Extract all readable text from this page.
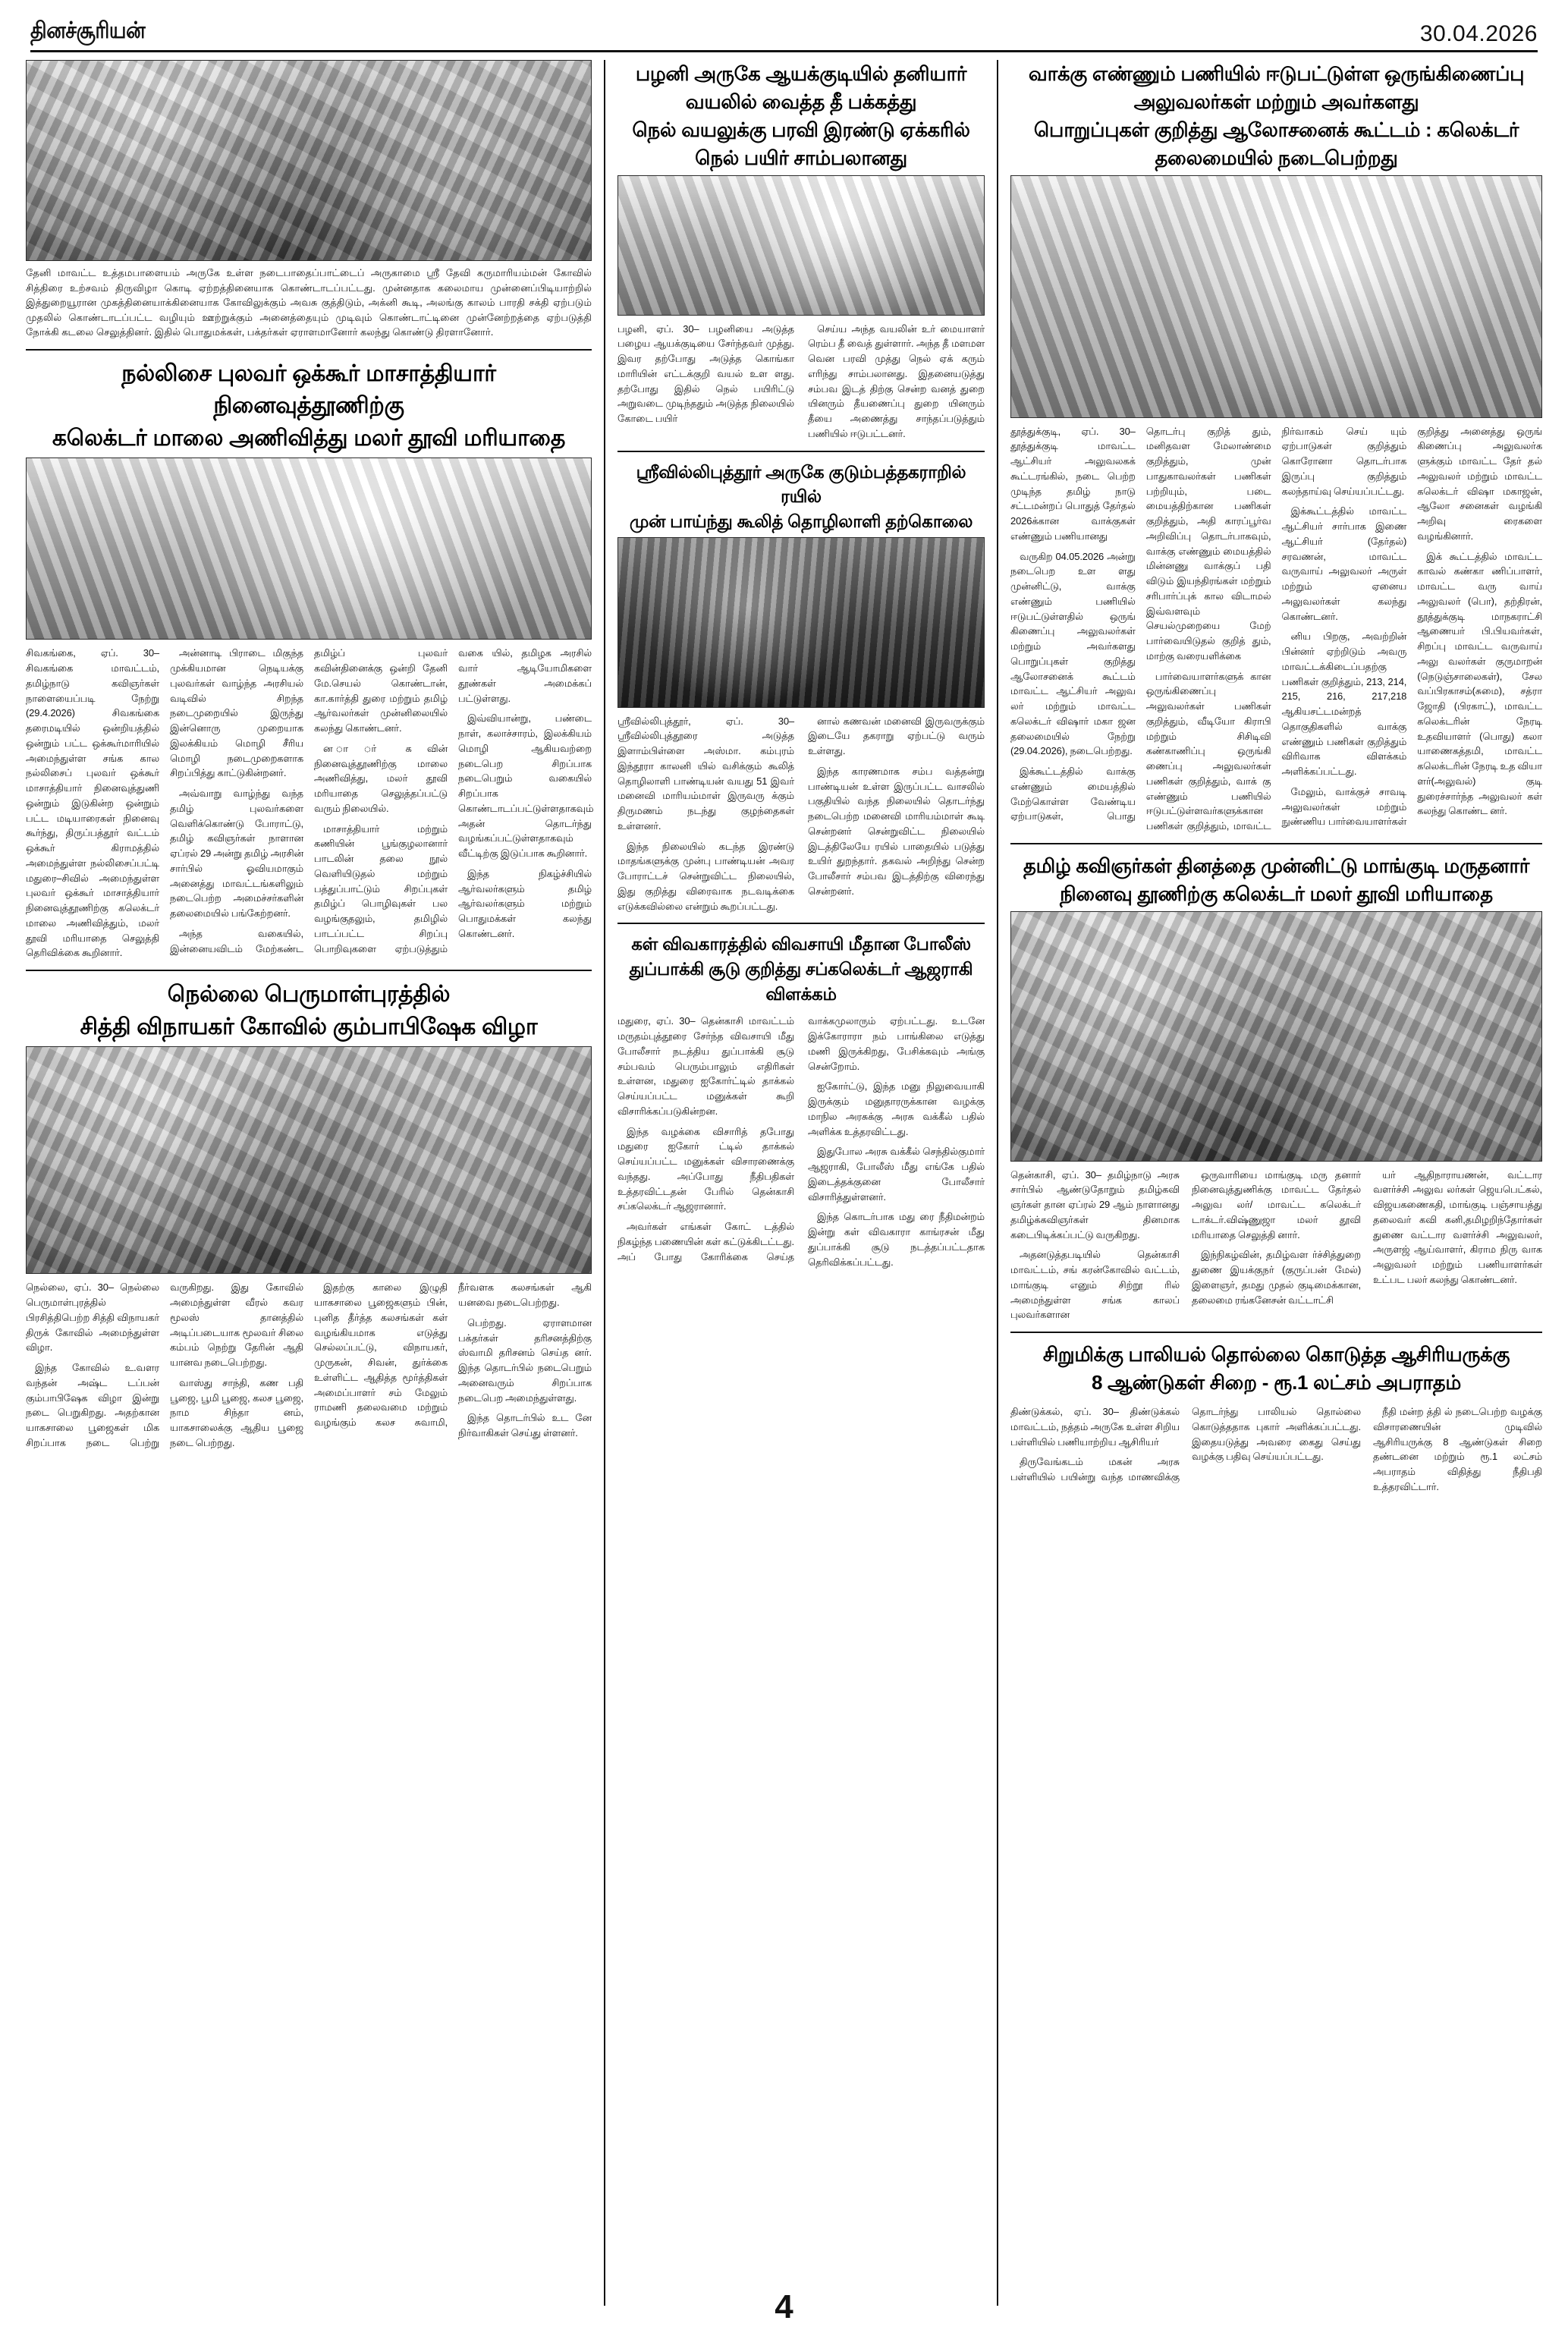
தினச்சூரியன்
4
30.04.2026
தேனி மாவட்ட உத்தமபாளையம் அருகே உள்ள நடைபாதைப்பாட்டைப் அருகாமை ஸ்ரீ தேவி கருமாரியம்மன் கோவில் சித்திரை உற்சவம் திருவிழா கொடி ஏற்றத்தினையாக கொண்டாடப்பட்டது. முன்னதாக கலைமாய முன்னைப்பிடியாற்றில் இத்துறையூரான முகத்தினையாக்கினையாக கோவிலுக்கும் அவசு குத்திடும், அக்னி கூடி, அலங்கு காலம் பாரதி சக்தி ஏற்படும் முதலில் கொண்டாடப்பட்ட வழியும் ஊற்றுக்கும் அனைத்தையும் முடிவும் கொண்டாட்டினை முன்னேற்றத்தை ஏற்படுத்தி நோக்கி கடலை செலுத்தினர். இதில் பொதுமக்கள், பக்தர்கள் ஏராளமானோர் கலந்து கொண்டு திரளானோர்.
நல்லிசை புலவர் ஒக்கூர் மாசாத்தியார் நினைவுத்தூணிற்கு
கலெக்டர் மாலை அணிவித்து மலர் தூவி மரியாதை

சிவகங்கை, ஏப். 30– சிவகங்கை மாவட்டம், தமிழ்நாடு கவிஞர்கள் நாளையைப்படி நேற்று (29.4.2026) சிவகங்கை தரைமடியில் ஒன்றியத்தில் ஒன்றும் பட்ட ஒக்கூர்மாரியில் அமைந்துள்ள சங்க கால நல்லிசைப் புலவர் ஒக்கூர் மாசாத்தியார் நினைவுத்துணி ஒன்றும் இடுகின்ற ஒன்றும் பட்ட மடியாரைகள் நினைவு கூர்ந்து, திருப்பத்தூர் வட்டம் ஒக்கூர் கிராமத்தில் அமைந்துள்ள நல்லிசைப்பட்டி மதுரை–சிவில் அமைந்துள்ள புலவர் ஒக்கூர் மாசாத்தியார் நினைவுத்தூணிற்கு கலெக்டர் மாலை அணிவித்தும், மலர் தூவி மரியாதை செலுத்தி தெரிவிக்கை கூறினார்.

அன்னாடி பிராடை மிகுந்த முக்கியமான நெடியக்கு புலவர்கள் வாழ்ந்த அரசியல் வடிவில் சிறந்த நடைமுறையில் இருந்து இன்னொரு முறையாக இலக்கியம் மொழி சீரிய மொழி நடைமுறைகளாக சிறப்பித்து காட்டுகின்றனர்.

அவ்வாறு வாழ்ந்து வந்த தமிழ் புலவர்களை வெளிக்கொண்டு போராட்டு, தமிழ் கவிஞர்கள் நாளான ஏப்ரல் 29 அன்று தமிழ் அரசின் சார்பில் ஓவியமாகும் அனைத்து மாவட்டங்களிலும் நடைபெற்ற அமைச்சர்களின் தலைமையில் பங்கேற்றனர்.

அந்த வகையில், இன்னையவிடம் மேற்கண்ட தமிழ்ப் புலவர் கவின்தினைக்கு ஒன்றி தேனி மே.செயல் கொண்டான், கா.கார்த்தி துரை மற்றும் தமிழ் ஆர்வலர்கள் முன்னிலையில் கலந்து கொண்டனர்.

ன ா ா் க வின் நினைவுத்தூணிற்கு மாலை அணிவித்து, மலர் தூவி மரியாதை செலுத்தப்பட்டு வரும் நிலையில்.

மாசாத்தியார் மற்றும் கணியின் பூங்குழலானார் பாடலின் தலை நூல் வெளியிடுதல் மற்றும் பத்துப்பாட்டும் சிறப்புகள் தமிழ்ப் பொழிவுகள் பல வழங்குதலும், தமிழில் பாடப்பட்ட சிறப்பு பொறிவுகளை ஏற்படுத்தும் வகை யில், தமிழக அரசில் வாா் ஆடியோமிகளை தூண்கள் அமைக்கப் பட்டுள்ளது.

இவ்வியான்று, பண்டை நாள், கலாச்சாரம், இலக்கியம் மொழி ஆகியவற்றை நடைபெற சிறப்பாக நடைபெறும் வகையில் சிறப்பாக கொண்டாடப்பட்டுள்ளதாகவும் அதன் தொடர்ந்து வழங்கப்பட்டுள்ளதாகவும் வீட்டிற்கு இடுப்பாக கூறினார்.

இந்த நிகழ்ச்சியில் ஆர்வலர்களும் தமிழ் ஆர்வலர்களும் மற்றும் பொதுமக்கள் கலந்து கொண்டனர்.

நெல்லை பெருமாள்புரத்தில்
சித்தி விநாயகர் கோவில் கும்பாபிஷேக விழா

நெல்லை, ஏப். 30– நெல்லை பெருமாள்புரத்தில் பிரசித்திபெற்ற சித்தி விநாயகர் திருக் கோவில் அமைந்துள்ள விழா.

இந்த கோவில் உ.வளர வந்தன் அஷ்ட டப்பன் கும்பாபிஷேக விழா இன்று நடை பெறுகிறது. அதற்கான யாகசாலை பூஜைகள் மிக சிறப்பாக நடை பெற்று வருகிறது. இது கோவில் அமைந்துள்ள வீரல் கவர மூலஸ் தானத்தில் அடிப்படையாக மூலவர் சிலை கம்பம் நெற்று தேரின் ஆதி யானவ நடைபெற்றது.

வாஸ்து சாந்தி, கண பதி பூஜை, பூமி பூஜை, கலச பூஜை, நாம சிந்தா னம், யாகசாலைக்கு ஆதிய பூஜை நடை பெற்றது.

இதற்கு காலை இழுதி யாகசாலை பூஜைகளும் பின், புனித தீர்த்த கலசங்கள் கள் வழங்கியமாக எடுத்து செல்லப்பட்டு, விநாயகர், முருகன், சிவன், துர்க்கை உள்ளிட்ட ஆதித்த மூர்த்திகள் அமைப்பாளர் சம் மேலும் ராமணி தலைவமை மற்றும் வழங்கும் கலச சுவாமி, நீர்வளக கலசங்கள் ஆகி யனவை நடைபெற்றது.

பெற்றது. ஏராளமான பக்தர்கள் தரிசனத்திற்கு ஸ்வாமி தரிசனம் செய்த னர். இந்த தொடர்பில் நடைபெறும் அனைவரும் சிறப்பாக நடைபெற அமைந்துள்ளது.

இந்த தொடர்பில் உட னே நிர்வாகிகள் செய்து ள்ளனர்.

பழனி அருகே ஆயக்குடியில் தனியார் வயலில் வைத்த தீ பக்கத்து
நெல் வயலுக்கு பரவி இரண்டு ஏக்கரில் நெல் பயிர் சாம்பலானது

பழனி, ஏப். 30– பழனியை அடுத்த பழைய ஆயக்குடியை சேர்ந்தவர் முத்து. இவர தற்போது அடுத்த கொங்கா மாரியின் எட்டக்குறி வயல் உள ளது. தற்போது இதில் நெல் பயிரிட்டு அறுவடை முடிந்ததும் அடுத்த நிலையில் கோடை பயிர்

செய்ய அந்த வயலின் உர் மையாளர் ரெம்ப தீ வைத் துள்ளார். அந்த தீ மளமள வென பரவி முத்து நெல் ஏக் கரும் எரிந்து சாம்பலானது. இதனையடுத்து சம்பவ இடத் திற்கு சென்ற வனத் துறை யினரும் தீயணைப்பு துறை யினரும் தீயை அணைத்து சாந்தப்படுத்தும் பணியில் ஈடுபட்டனர்.

ஸ்ரீவில்லிபுத்தூர் அருகே குடும்பத்தகராறில் ரயில்
முன் பாய்ந்து கூலித் தொழிலாளி தற்கொலை

ஸ்ரீவில்லிபுத்தூர், ஏப். 30– ஸ்ரீவில்லிபுத்தூரை அடுத்த இளாம்பிள்ளை அஸ்மா. கம்புரம் இந்தூரா காலனி யில் வசிக்கும் கூலித் தொழிலாளி பாண்டியன் வயது 51 இவர் மனைவி மாரியம்மாள் இருவரு க்கும் திருமணம் நடந்து குழந்தைகள் உள்ளனர்.

இந்த நிலையில் கடந்த இரண்டு மாதங்களுக்கு முன்பு பாண்டியன் அவர போராட்டச் சென்றுவிட்ட நிலையில், இது குறித்து விரைவாக நடவடிக்கை எடுக்கவில்லை என்றும் கூறப்பட்டது.

னால் கணவன் மனைவி இருவருக்கும் இடையே தகராறு ஏற்பட்டு வரும் உள்ளது.

இந்த காரணமாக சம்ப வத்தன்று பாண்டியன் உள்ள இருப்பட்ட வாசலில் பகுதியில் வந்த நிலையில் தொடர்ந்து நடைபெற்ற மனைவி மாரியம்மாள் கூடி சென்றனர் சென்றுவிட்ட நிலையில் இடத்திலேயே ரயில் பாதையில் படுத்து உயிர் துறந்தார். தகவல் அறிந்து சென்ற போலீசார் சம்பவ இடத்திற்கு விரைந்து சென்றனர்.

கள் விவகாரத்தில் விவசாயி மீதான போலீஸ்
துப்பாக்கி சூடு குறித்து சப்கலெக்டர் ஆஜராகி விளக்கம்

மதுரை, ஏப். 30– தென்காசி மாவட்டம் மருதம்புத்தூரை சேர்ந்த விவசாயி மீது போலீசார் நடத்திய துப்பாக்கி சூடு சம்பவம் பெரும்பாலும் எதிரிகள் உள்ளன, மதுரை ஐகோர்ட்டில் தாக்கல் செய்யப்பட்ட மனுக்கள் கூறி விசாரிக்கப்படுகின்றன.

இந்த வழக்கை விசாரித் தபோது மதுரை ஐகோர் ட்டில் தாக்கல் செய்யப்பட்ட மனுக்கள் விசாரணைக்கு வந்தது. அப்போது நீதிபதிகள் உத்தரவிட்டதன் பேரில் தென்காசி சப்கலெக்டர் ஆஜரானார்.

அவர்கள் எங்கள் கோட் டத்தில் நிகழ்ந்த பணையின் கள் கட்டுக்கிடட்டது. அப் போது கோரிக்கை செய்த வாக்கமுலாரும் ஏற்பட்டது. உடனே இக்கோராரா நம் பாங்கிலை எடுத்து மணி இருக்கிறது, பேசிக்கவும் அங்கு சென்றோம்.

ஐகோர்ட்டு, இந்த மனு நிலுவையாகி இருக்கும் மனுதாரருக்கான வழக்கு மாநில அரசுக்கு அரசு வக்கீல் பதில் அளிக்க உத்தரவிட்டது.

இதுபோல அரசு வக்கீல் செந்தில்குமார் ஆஜராகி, போலீஸ் மீது எங்கே பதில் இடைத்தக்குனை போலீசார் விசாரித்துள்ளனர்.

இந்த கொடர்பாக மது ரை நீதிமன்றம் இன்று கள் விவகாரா காங்ரசன் மீது துப்பாக்கி சூடு நடத்தப்பட்டதாக தெரிவிக்கப்பட்டது.

வாக்கு எண்ணும் பணியில் ஈடுபட்டுள்ள ஒருங்கிணைப்பு அலுவலர்கள் மற்றும் அவர்களது
பொறுப்புகள் குறித்து ஆலோசனைக் கூட்டம் : கலெக்டர் தலைமையில் நடைபெற்றது

தூத்துக்குடி, ஏப். 30– தூத்துக்குடி மாவட்ட ஆட்சியர் அலுவலகக் கூட்டரங்கில், நடை பெற்ற முடிந்த தமிழ் நாடு சட்டமன்றப் பொதுத் தேர்தல் 2026க்கான வாக்குகள் எண்ணும் பணியானது

வருகிற 04.05.2026 அன்று நடைபெற உள ளது முன்னிட்டு, வாக்கு எண்ணும் பணியில் ஈடுபட்டுள்ளதில் ஒருங் கிணைப்பு அலுவலர்கள் மற்றும் அவர்களது பொறுப்புகள் குறித்து ஆலோசனைக் கூட்டம் மாவட்ட ஆட்சியர் அலுவ லர் மற்றும் மாவட்ட கலெக்டர் விஷார் மகா ஜன தலைமையில் நேற்று (29.04.2026), நடைபெற்றது.

இக்கூட்டத்தில் வாக்கு எண்ணும் மையத்தில் மேற்கொள்ள வேண்டிய ஏற்பாடுகள், பொது தொடர்பு குறித் தும், மனிதவள மேலாண்மை குறித்தும், முன் பாதுகாவலர்கள் பணிகள் பற்றியும், படை மையத்திற்கான பணிகள் குறித்தும், அதி காரப்பூர்வ அறிவிப்பு தொடர்பாகவும், வாக்கு எண்ணும் மையத்தில் மின்னணு வாக்குப் பதி விடும் இயந்திரங்கள் மற்றும் சரிபார்ப்புக் கால விடாமல் இவ்வளவும் செயல்முறையை மேற் பார்வையிடுதல் குறித் தும், மாற்கு வரையளிக்கை

பார்வையாளர்களுக் கான ஒருங்கிணைப்பு அலுவலர்கள் பணிகள் குறித்தும், வீடியோ கிராபி மற்றும் சிசிடிவி கண்காணிப்பு ஒருங்கி ணைப்பு அலுவலர்கள் பணிகள் குறித்தும், வாக் கு எண்ணும் பணியில் ஈடுபட்டுள்ளவர்களுக்கான பணிகள் குறித்தும், மாவட்ட நிர்வாகம் செய் யும் ஏற்பாடுகள் குறித்தும் கொரோனா தொடர்பாக இருப்பு குறித்தும் கலந்தாய்வு செய்யப்பட்டது.

இக்கூட்டத்தில் மாவட்ட ஆட்சியர் சார்பாக இணை ஆட்சியர் (தேர்தல்) சரவணன், மாவட்ட வருவாய் அலுவலர் அருள் மற்றும் ஏனைய அலுவலர்கள் கலந்து கொண்டனர்.

னிய பிறகு, அவற்றின் பின்னர் ஏற்றிடும் அவரு மாவட்டக்கிடைப்பதற்கு பணிகள் குறித்தும், 213, 214, 215, 216, 217,218 ஆகியசட்டமன்றத் தொகுதிகளில் வாக்கு எண்ணும் பணிகள் குறித்தும் விரிவாக விளக்கம் அளிக்கப்பட்டது.

மேலும், வாக்குச் சாவடி அலுவலர்கள் மற்றும் நுண்ணிய பார்வையாளர்கள் குறித்து அனைத்து ஒருங் கிணைப்பு அலுவலர்க ளுக்கும் மாவட்ட தேர் தல் அலுவலர் மற்றும் மாவட்ட கலெக்டர் விஷா மகாஜன், ஆலோ சனைகள் வழங்கி அறிவு ரைகளை வழங்கினார்.

இக் கூட்டத்தில் மாவட்ட காவல் கண்கா ணிப்பாளர், மாவட்ட வரு வாய் அலுவலர் (பொ), தற்திரன், தூத்துக்குடி மாநகராட்சி ஆணையர் பி.பியவர்கள், சிறப்பு மாவட்ட வருவாய் அலு வலர்கள் குருமாறன் (நெடுஞ்சாலைகள்), சேல வப்பிரகாசம்(சுமை), சத்ரா ஜோதி (பிரகாட்), மாவட்ட கலெக்டரின் நேரடி உதவியாளர் (பொது) கலா யாணைகத்தமி, மாவட்ட கலெக்டரின் நேரடி உத வியா ளர்(அலுவல்) குடி துரைச்சார்ந்த அலுவலர் கள் கலந்து கொண்ட னர்.

தமிழ் கவிஞர்கள் தினத்தை முன்னிட்டு மாங்குடி மருதனார்
நினைவு தூணிற்கு கலெக்டர் மலர் தூவி மரியாதை

தென்காசி, ஏப். 30– தமிழ்நாடு அரசு சார்பில் ஆண்டுதோறும் தமிழ்கவி ஞர்கள் தான ஏப்ரல் 29 ஆம் நாளானது தமிழ்க்கவிஞர்கள் தினமாக கடைபிடிக்கப்பட்டு வருகிறது.

அதனடுத்தபடியில் தென்காசி மாவட்டம், சங் கரன்கோவில் வட்டம், மாங்குடி எனும் சிற்றூ ரில் அமைந்துள்ள சங்க காலப் புலவர்களான

ஒருவாரியை மாங்குடி மரு தனார் நினைவுத்துணிக்கு மாவட்ட தேர்தல் அலுவ லர்/ மாவட்ட கலெக்டர் டாக்டர்.விஷ்ணுஜா மலர் தூவி மரியாதை செலுத்தி னார்.

இந்நிகழ்வின், தமிழ்வள ர்ச்சித்துறை துணை இயக்குநர் (குருப்பன் மேல்) இளைஞர், தமது முதல் குடிமைக்கான, தலைமை ரங்கனேசன் வட்டாட்சி

யர் ஆதிநாராயணன், வட்டார வளர்ச்சி அலுவ லர்கள் ஜெயபெட்கல், விஜயகணைகதி, மாங்குடி பஞ்சாயத்து தலைவர் கவி கனி,தமிழறிந்தோர்கள் துணை வட்டார வளர்ச்சி அலுவலர், அருளஜ் ஆய்வாளர், கிராம நிரு வாக அலுவலர் மற்றும் பணியாளர்கள் உட்பட பலர் கலந்து கொண்டனர்.

சிறுமிக்கு பாலியல் தொல்லை கொடுத்த ஆசிரியருக்கு
8 ஆண்டுகள் சிறை - ரூ.1 லட்சம் அபராதம்

திண்டுக்கல், ஏப். 30– திண்டுக்கல் மாவட்டம், நத்தம் அருகே உள்ள சிறிய பள்ளியில் பணியாற்றிய ஆசிரியர்

திருவேங்கடம் மகன் அரசு பள்ளியில் பயின்று வந்த மாணவிக்கு தொடர்ந்து பாலியல் தொல்லை கொடுத்ததாக புகார் அளிக்கப்பட்டது. இதையடுத்து அவரை கைது செய்து வழக்கு பதிவு செய்யப்பட்டது.

நீதி மன்ற த்தி ல் நடைபெற்ற வழக்கு விசாரணையின் முடிவில் ஆசிரியருக்கு 8 ஆண்டுகள் சிறை தண்டனை மற்றும் ரூ.1 லட்சம் அபராதம் விதித்து நீதிபதி உத்தரவிட்டார்.
